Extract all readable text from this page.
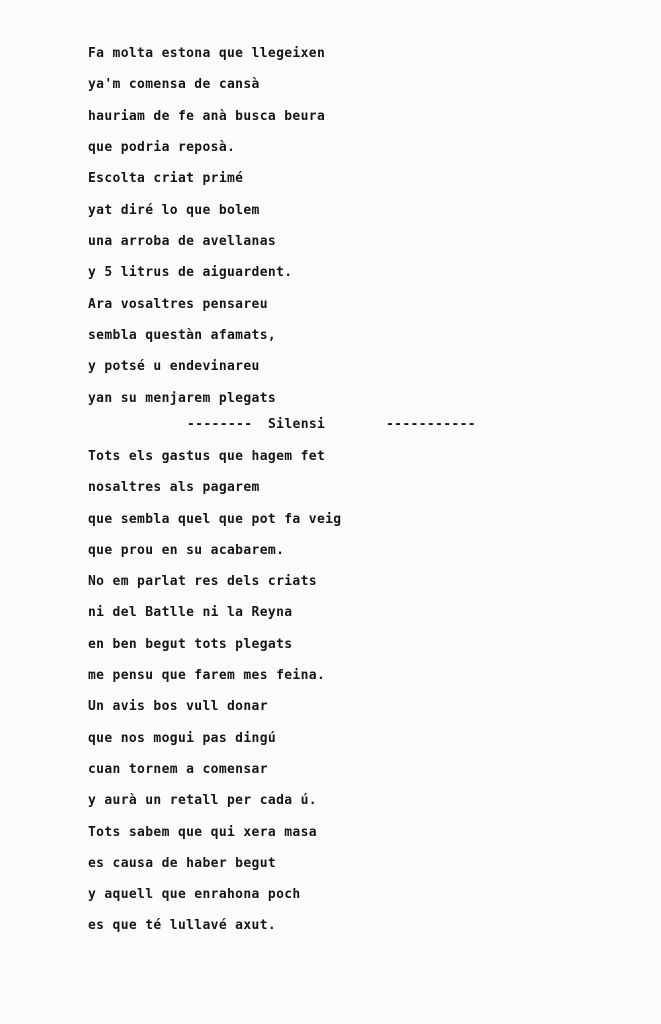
Fa molta estona que llegeixen
ya'm comensa de cansà
hauriam de fe anà busca beura
que podria reposà.
Escolta criat primé
yat diré lo que bolem
una arroba de avellanas
y 5 litrus de aiguardent.
Ara vosaltres pensareu
sembla questàn afamats,
y potsé u endevinareu
yan su menjarem plegats
-------- Silensi	-----------
Tots els gastus que hagem fet
nosaltres als pagarem
que sembla quel que pot fa veig
que prou en su acabarem.
No em parlat res dels criats
ni del Batlle ni la Reyna
en ben begut tots plegats
me pensu que farem mes feina.
Un avis bos vull donar
que nos mogui pas dingú
cuan tornem a comensar
y aurà un retall per cada ú.
Tots sabem que qui xera masa
es causa de haber begut
y aquell que enrahona poch
es que té lullavé axut.
